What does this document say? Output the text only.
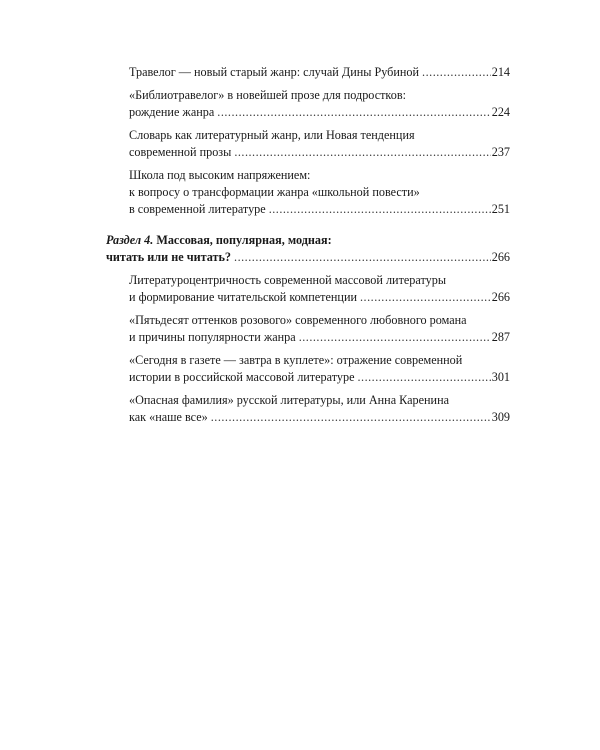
Травелог — новый старый жанр: случай Дины Рубиной .....	214
«Библиотравелог» в новейшей прозе для подростков:
рождение жанра .....	224
Словарь как литературный жанр, или Новая тенденция
современной прозы .....	237
Школа под высоким напряжением:
к вопросу о трансформации жанра «школьной повести»
в современной литературе .....	251
Раздел 4. Массовая, популярная, модная:
читать или не читать? .....	266
Литературоцентричность современной массовой литературы
и формирование читательской компетенции .....	266
«Пятьдесят оттенков розового» современного любовного романа
и причины популярности жанра .....	287
«Сегодня в газете — завтра в куплете»: отражение современной
истории в российской массовой литературе .....	301
«Опасная фамилия» русской литературы, или Анна Каренина
как «наше все» .....	309
